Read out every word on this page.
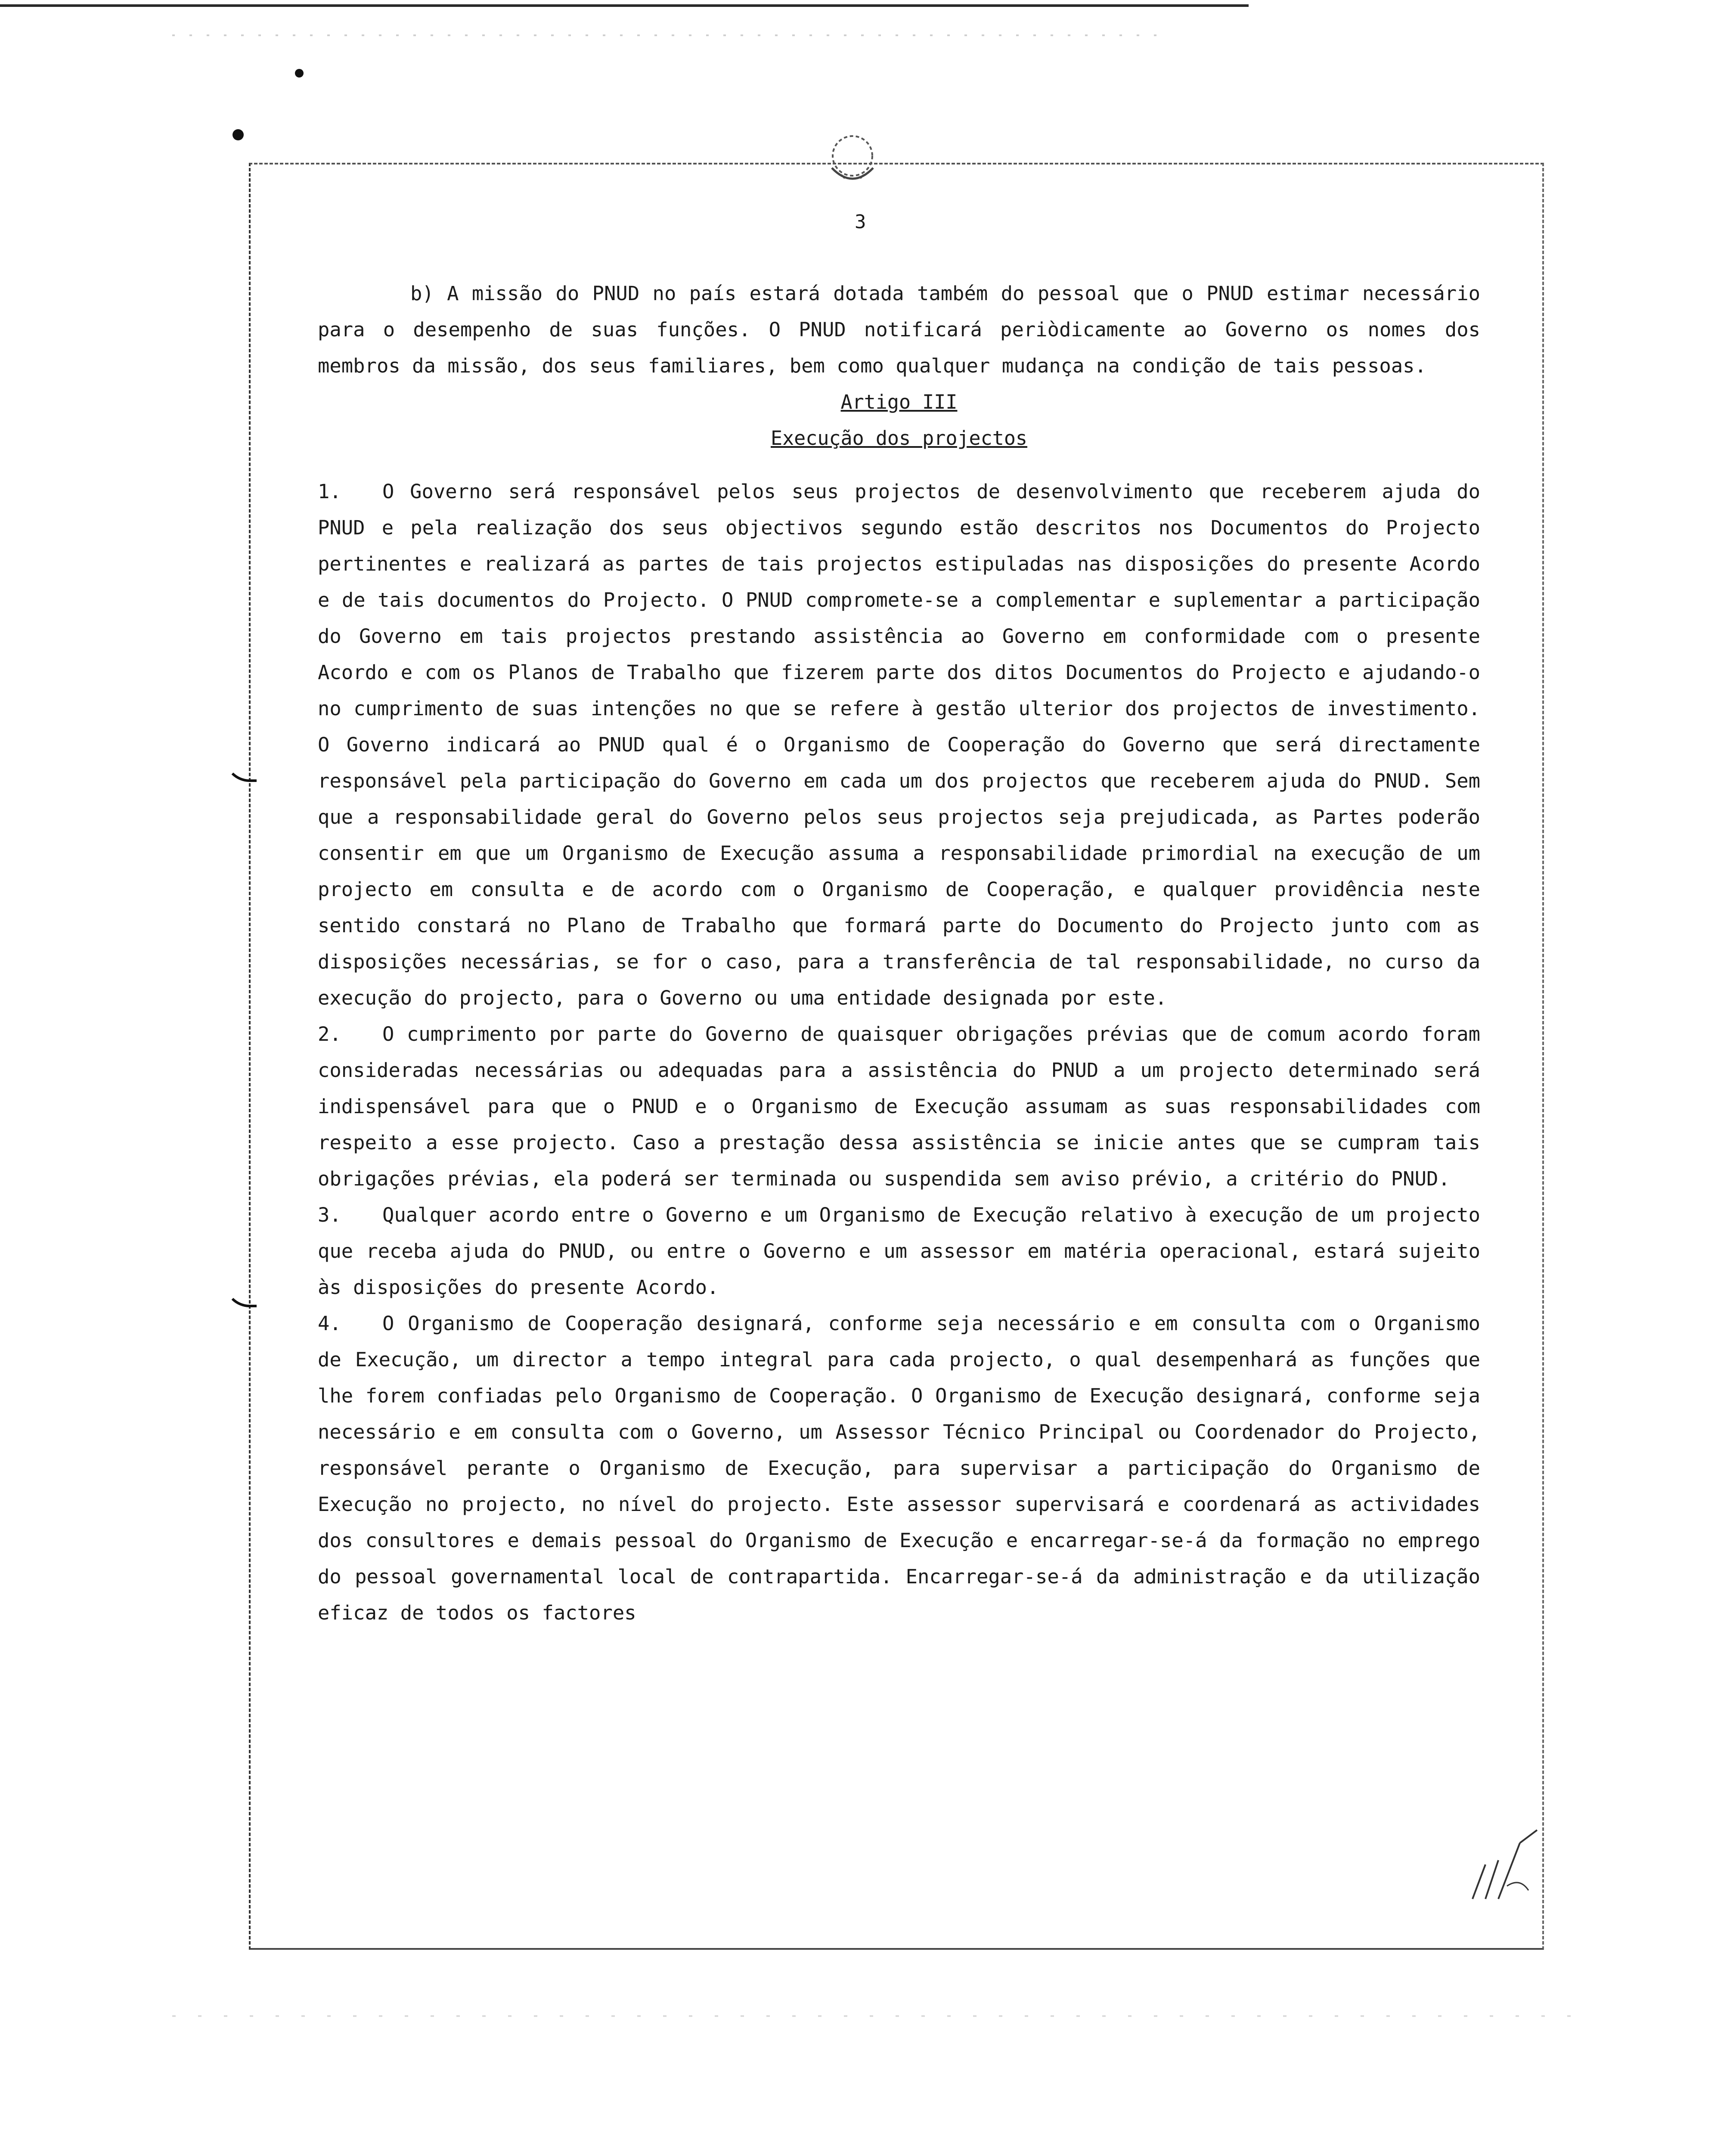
3

b) A missão do PNUD no país estará dotada também do pessoal que o PNUD estimar necessário para o desempenho de suas funções. O PNUD notificará periòdicamente ao Governo os nomes dos membros da missão, dos seus familiares, bem como qualquer mudança na condição de tais pessoas.

Artigo III

Execução dos projectos

1. O Governo será responsável pelos seus projectos de desenvolvimento que receberem ajuda do PNUD e pela realização dos seus objectivos segundo estão descritos nos Documentos do Projecto pertinentes e realizará as partes de tais projectos estipuladas nas disposições do presente Acordo e de tais documentos do Projecto. O PNUD compromete-se a complementar e suplementar a participação do Governo em tais projectos prestando assistência ao Governo em conformidade com o presente Acordo e com os Planos de Trabalho que fizerem parte dos ditos Documentos do Projecto e ajudando-o no cumprimento de suas intenções no que se refere à gestão ulterior dos projectos de investimento. O Governo indicará ao PNUD qual é o Organismo de Cooperação do Governo que será directamente responsável pela participação do Governo em cada um dos projectos que receberem ajuda do PNUD. Sem que a responsabilidade geral do Governo pelos seus projectos seja prejudicada, as Partes poderão consentir em que um Organismo de Execução assuma a responsabilidade primordial na execução de um projecto em consulta e de acordo com o Organismo de Cooperação, e qualquer providência neste sentido constará no Plano de Trabalho que formará parte do Documento do Projecto junto com as disposições necessárias, se for o caso, para a transferência de tal responsabilidade, no curso da execução do projecto, para o Governo ou uma entidade designada por este.

2. O cumprimento por parte do Governo de quaisquer obrigações prévias que de comum acordo foram consideradas necessárias ou adequadas para a assistência do PNUD a um projecto determinado será indispensável para que o PNUD e o Organismo de Execução assumam as suas responsabilidades com respeito a esse projecto. Caso a prestação dessa assistência se inicie antes que se cumpram tais obrigações prévias, ela poderá ser terminada ou suspendida sem aviso prévio, a critério do PNUD.

3. Qualquer acordo entre o Governo e um Organismo de Execução relativo à execução de um projecto que receba ajuda do PNUD, ou entre o Governo e um assessor em matéria operacional, estará sujeito às disposições do presente Acordo.

4. O Organismo de Cooperação designará, conforme seja necessário e em consulta com o Organismo de Execução, um director a tempo integral para cada projecto, o qual desempenhará as funções que lhe forem confiadas pelo Organismo de Cooperação. O Organismo de Execução designará, conforme seja necessário e em consulta com o Governo, um Assessor Técnico Principal ou Coordenador do Projecto, responsável perante o Organismo de Execução, para supervisar a participação do Organismo de Execução no projecto, no nível do projecto. Este assessor supervisará e coordenará as actividades dos consultores e demais pessoal do Organismo de Execução e encarregar-se-á da formação no emprego do pessoal governamental local de contrapartida. Encarregar-se-á da administração e da utilização eficaz de todos os factores
